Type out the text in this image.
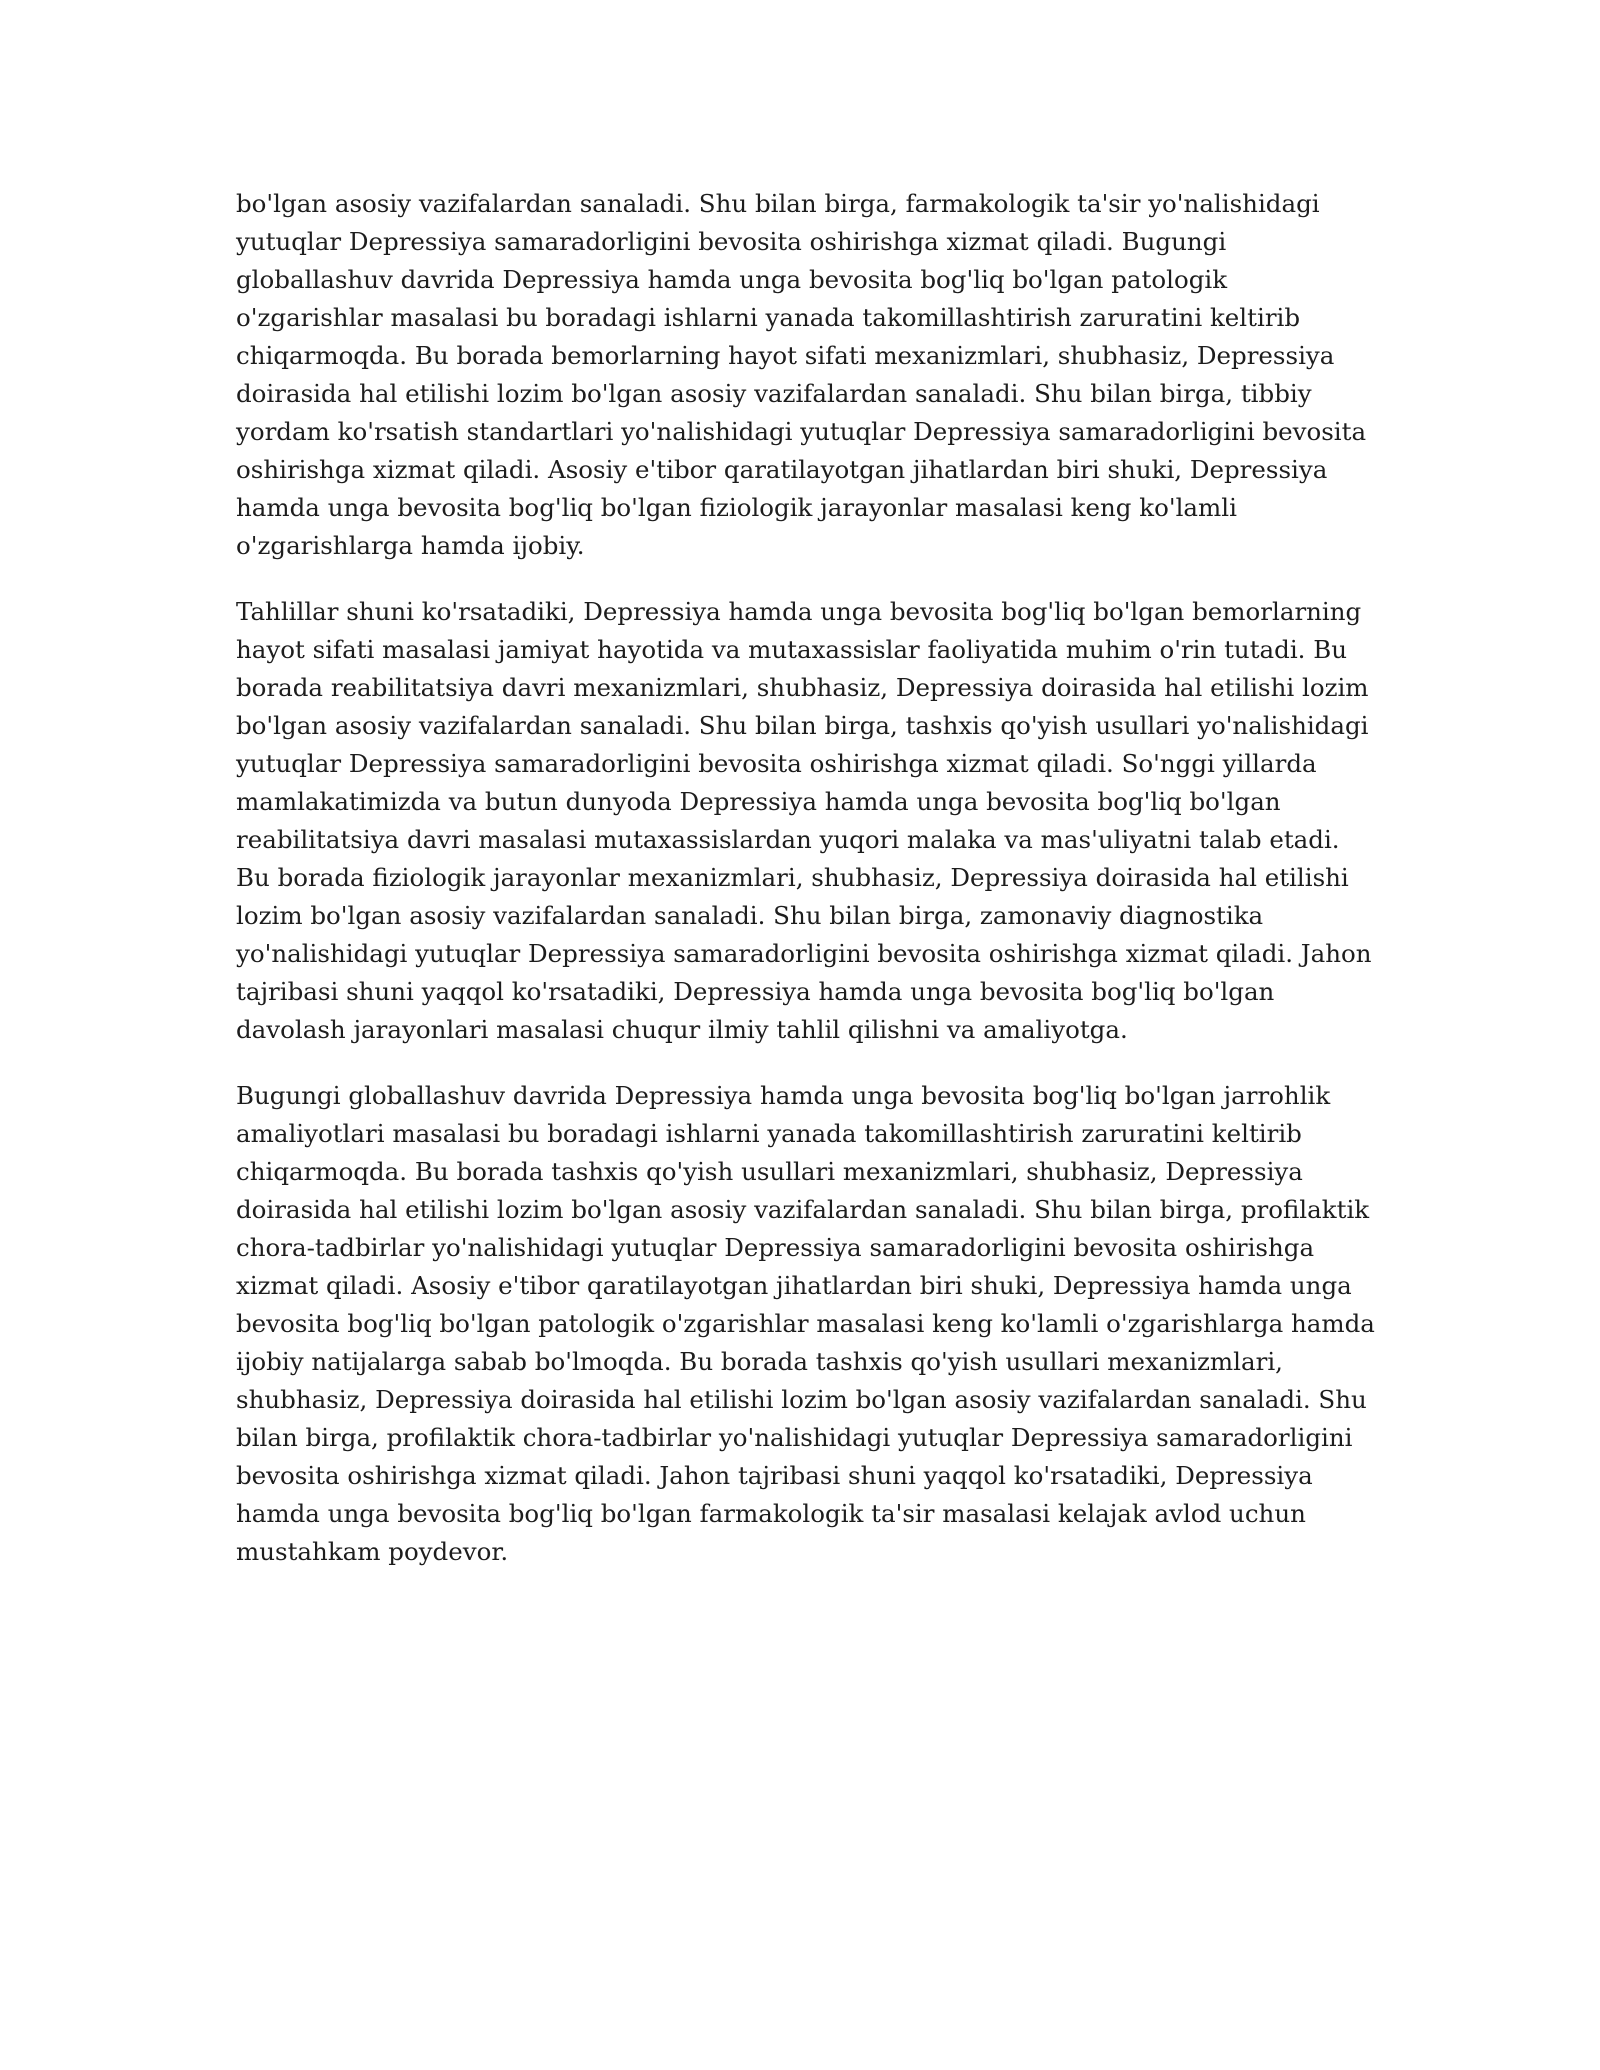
bo'lgan asosiy vazifalardan sanaladi. Shu bilan birga, farmakologik ta'sir yo'nalishidagi yutuqlar Depressiya samaradorligini bevosita oshirishga xizmat qiladi. Bugungi globallashuv davrida Depressiya hamda unga bevosita bog'liq bo'lgan patologik o'zgarishlar masalasi bu boradagi ishlarni yanada takomillashtirish zaruratini keltirib chiqarmoqda. Bu borada bemorlarning hayot sifati mexanizmlari, shubhasiz, Depressiya doirasida hal etilishi lozim bo'lgan asosiy vazifalardan sanaladi. Shu bilan birga, tibbiy yordam ko'rsatish standartlari yo'nalishidagi yutuqlar Depressiya samaradorligini bevosita oshirishga xizmat qiladi. Asosiy e'tibor qaratilayotgan jihatlardan biri shuki, Depressiya hamda unga bevosita bog'liq bo'lgan fiziologik jarayonlar masalasi keng ko'lamli o'zgarishlarga hamda ijobiy.

Tahlillar shuni ko'rsatadiki, Depressiya hamda unga bevosita bog'liq bo'lgan bemorlarning hayot sifati masalasi jamiyat hayotida va mutaxassislar faoliyatida muhim o'rin tutadi. Bu borada reabilitatsiya davri mexanizmlari, shubhasiz, Depressiya doirasida hal etilishi lozim bo'lgan asosiy vazifalardan sanaladi. Shu bilan birga, tashxis qo'yish usullari yo'nalishidagi yutuqlar Depressiya samaradorligini bevosita oshirishga xizmat qiladi. So'nggi yillarda mamlakatimizda va butun dunyoda Depressiya hamda unga bevosita bog'liq bo'lgan reabilitatsiya davri masalasi mutaxassislardan yuqori malaka va mas'uliyatni talab etadi. Bu borada fiziologik jarayonlar mexanizmlari, shubhasiz, Depressiya doirasida hal etilishi lozim bo'lgan asosiy vazifalardan sanaladi. Shu bilan birga, zamonaviy diagnostika yo'nalishidagi yutuqlar Depressiya samaradorligini bevosita oshirishga xizmat qiladi. Jahon tajribasi shuni yaqqol ko'rsatadiki, Depressiya hamda unga bevosita bog'liq bo'lgan davolash jarayonlari masalasi chuqur ilmiy tahlil qilishni va amaliyotga.

Bugungi globallashuv davrida Depressiya hamda unga bevosita bog'liq bo'lgan jarrohlik amaliyotlari masalasi bu boradagi ishlarni yanada takomillashtirish zaruratini keltirib chiqarmoqda. Bu borada tashxis qo'yish usullari mexanizmlari, shubhasiz, Depressiya doirasida hal etilishi lozim bo'lgan asosiy vazifalardan sanaladi. Shu bilan birga, profilaktik chora-tadbirlar yo'nalishidagi yutuqlar Depressiya samaradorligini bevosita oshirishga xizmat qiladi. Asosiy e'tibor qaratilayotgan jihatlardan biri shuki, Depressiya hamda unga bevosita bog'liq bo'lgan patologik o'zgarishlar masalasi keng ko'lamli o'zgarishlarga hamda ijobiy natijalarga sabab bo'lmoqda. Bu borada tashxis qo'yish usullari mexanizmlari, shubhasiz, Depressiya doirasida hal etilishi lozim bo'lgan asosiy vazifalardan sanaladi. Shu bilan birga, profilaktik chora-tadbirlar yo'nalishidagi yutuqlar Depressiya samaradorligini bevosita oshirishga xizmat qiladi. Jahon tajribasi shuni yaqqol ko'rsatadiki, Depressiya hamda unga bevosita bog'liq bo'lgan farmakologik ta'sir masalasi kelajak avlod uchun mustahkam poydevor.
